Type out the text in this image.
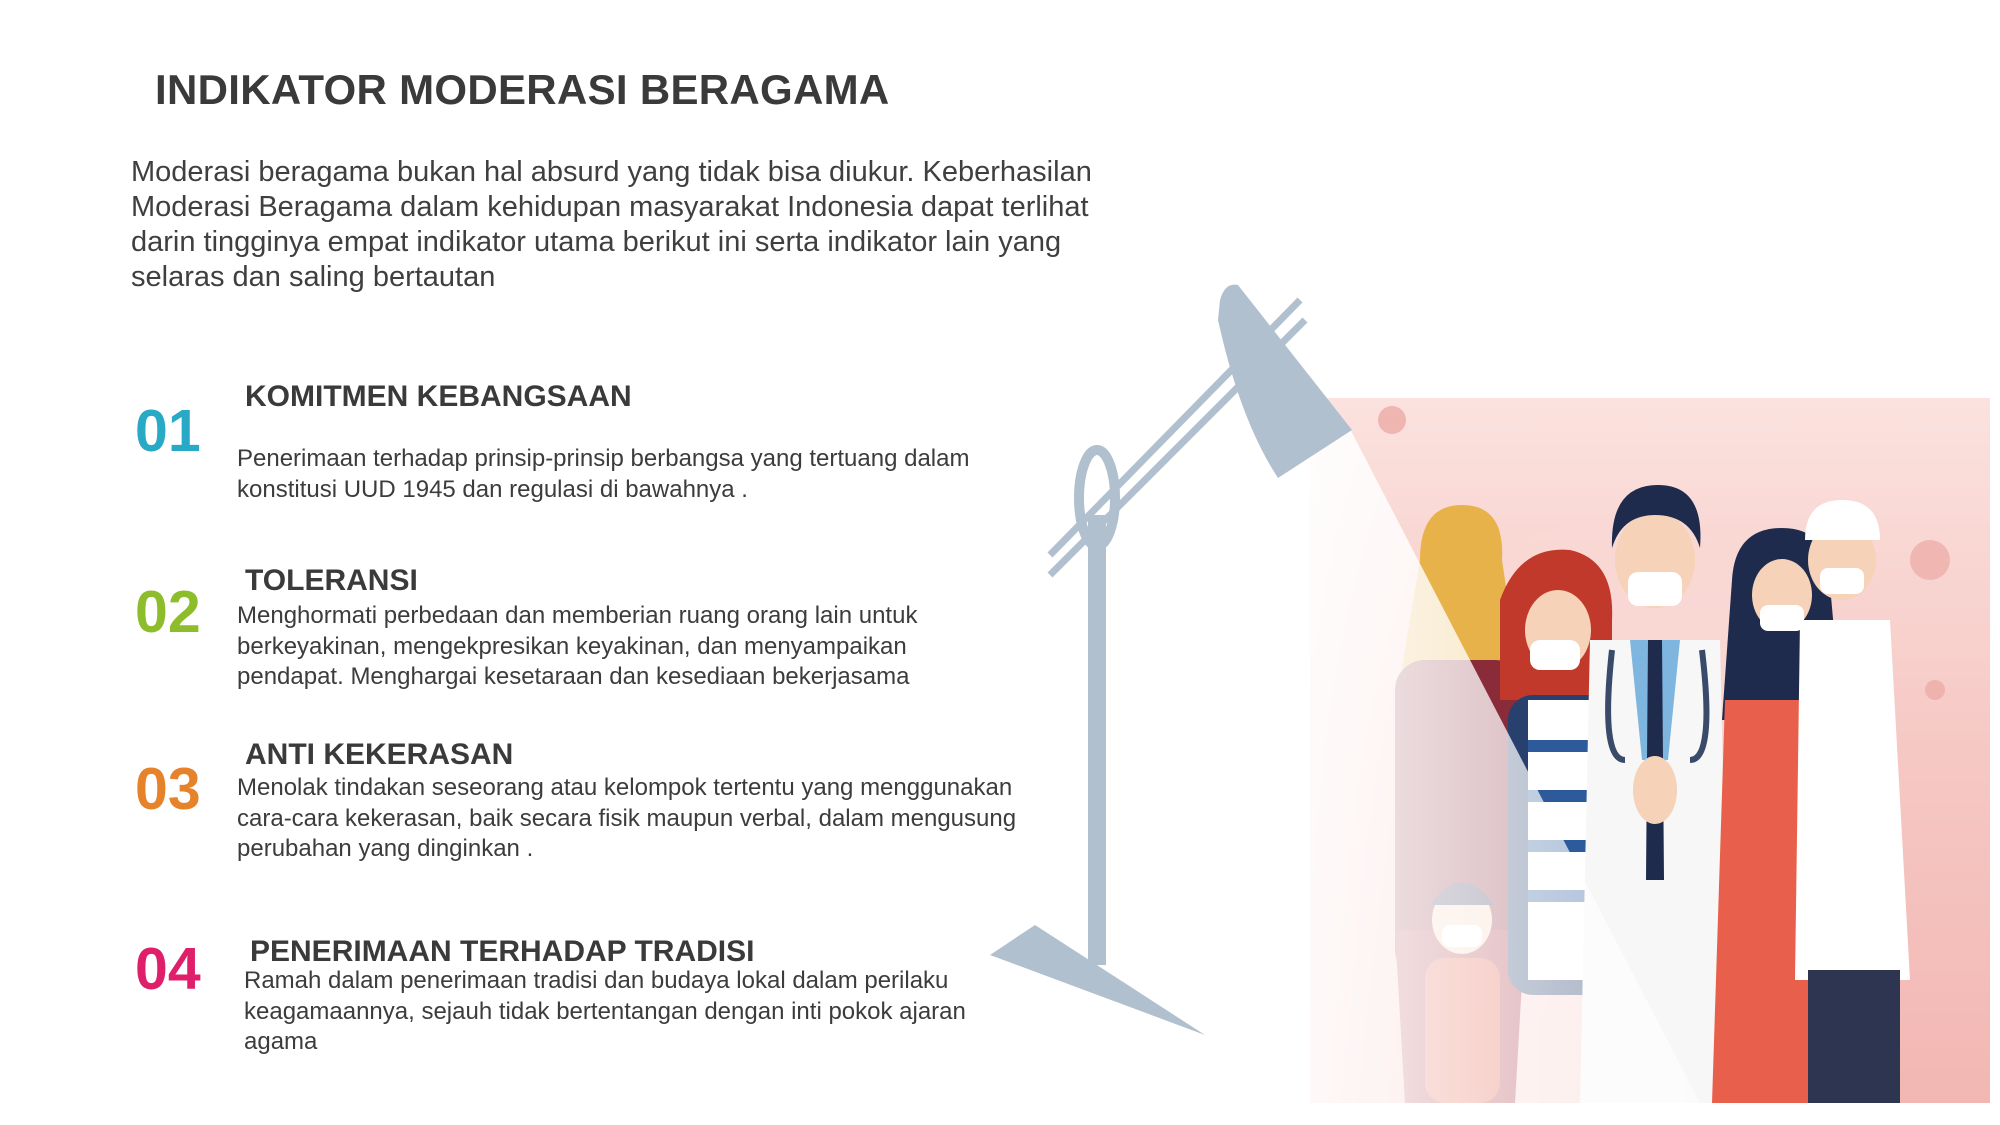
INDIKATOR MODERASI BERAGAMA
Moderasi beragama bukan hal absurd yang tidak bisa diukur. Keberhasilan Moderasi Beragama dalam kehidupan masyarakat Indonesia dapat terlihat darin tingginya empat indikator utama berikut ini serta indikator lain yang selaras dan saling bertautan
01
KOMITMEN KEBANGSAAN
Penerimaan terhadap prinsip-prinsip berbangsa yang tertuang dalam konstitusi UUD 1945 dan regulasi di bawahnya .
02 TOLERANSI
Menghormati perbedaan dan memberian ruang orang lain untuk berkeyakinan, mengekpresikan keyakinan, dan menyampaikan pendapat. Menghargai kesetaraan dan kesediaan bekerjasama
03
ANTI KEKERASAN
Menolak tindakan seseorang atau kelompok tertentu yang menggunakan cara-cara kekerasan, baik secara fisik maupun verbal, dalam mengusung perubahan yang dinginkan .
04 PENERIMAAN TERHADAP TRADISI
Ramah dalam penerimaan tradisi dan budaya lokal dalam perilaku keagamaannya, sejauh tidak bertentangan dengan inti pokok ajaran agama
